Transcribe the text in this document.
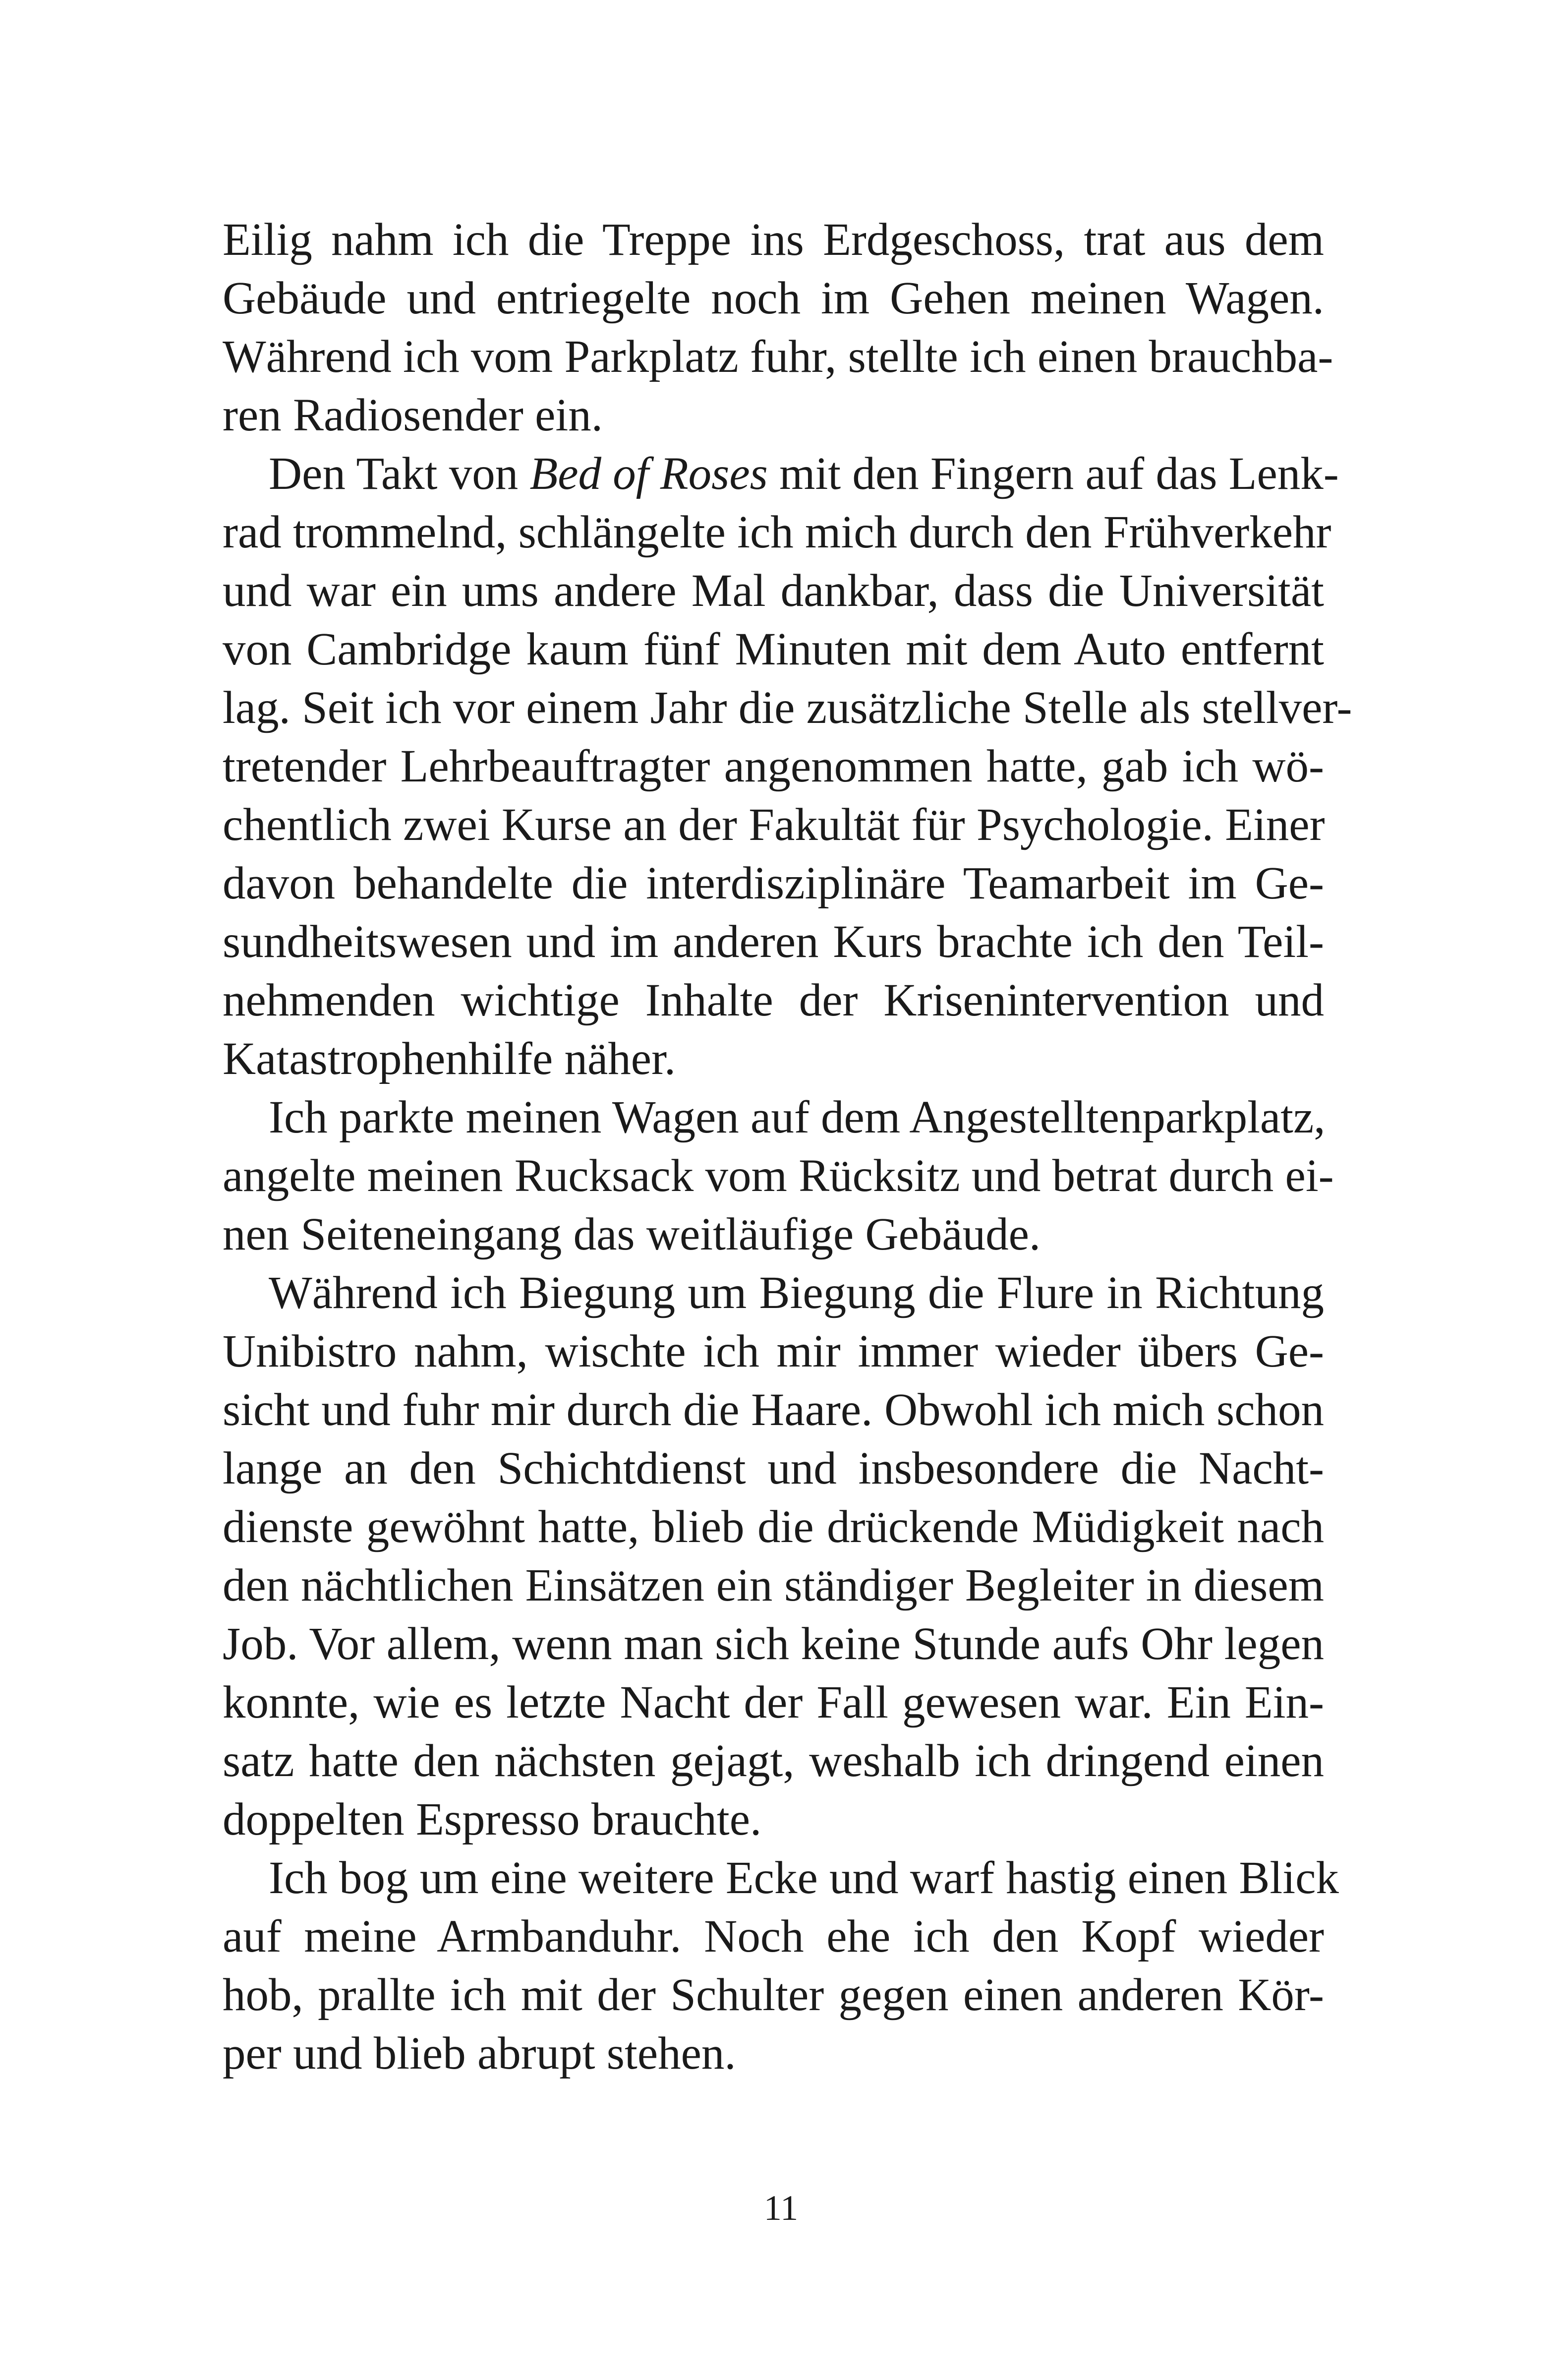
Eilig nahm ich die Treppe ins Erdgeschoss, trat aus dem
Gebäude und entriegelte noch im Gehen meinen Wagen.
Während ich vom Parkplatz fuhr, stellte ich einen brauchba-
ren Radiosender ein.
Den Takt von Bed of Roses mit den Fingern auf das Lenk-
rad trommelnd, schlängelte ich mich durch den Frühverkehr
und war ein ums andere Mal dankbar, dass die Universität
von Cambridge kaum fünf Minuten mit dem Auto entfernt
lag. Seit ich vor einem Jahr die zusätzliche Stelle als stellver-
tretender Lehrbeauftragter angenommen hatte, gab ich wö-
chentlich zwei Kurse an der Fakultät für Psychologie. Einer
davon behandelte die interdisziplinäre Teamarbeit im Ge-
sundheitswesen und im anderen Kurs brachte ich den Teil-
nehmenden wichtige Inhalte der Krisenintervention und
Katastrophenhilfe näher.
Ich parkte meinen Wagen auf dem Angestelltenparkplatz,
angelte meinen Rucksack vom Rücksitz und betrat durch ei-
nen Seiteneingang das weitläufige Gebäude.
Während ich Biegung um Biegung die Flure in Richtung
Unibistro nahm, wischte ich mir immer wieder übers Ge-
sicht und fuhr mir durch die Haare. Obwohl ich mich schon
lange an den Schichtdienst und insbesondere die Nacht-
dienste gewöhnt hatte, blieb die drückende Müdigkeit nach
den nächtlichen Einsätzen ein ständiger Begleiter in diesem
Job. Vor allem, wenn man sich keine Stunde aufs Ohr legen
konnte, wie es letzte Nacht der Fall gewesen war. Ein Ein-
satz hatte den nächsten gejagt, weshalb ich dringend einen
doppelten Espresso brauchte.
Ich bog um eine weitere Ecke und warf hastig einen Blick
auf meine Armbanduhr. Noch ehe ich den Kopf wieder
hob, prallte ich mit der Schulter gegen einen anderen Kör-
per und blieb abrupt stehen.
11
